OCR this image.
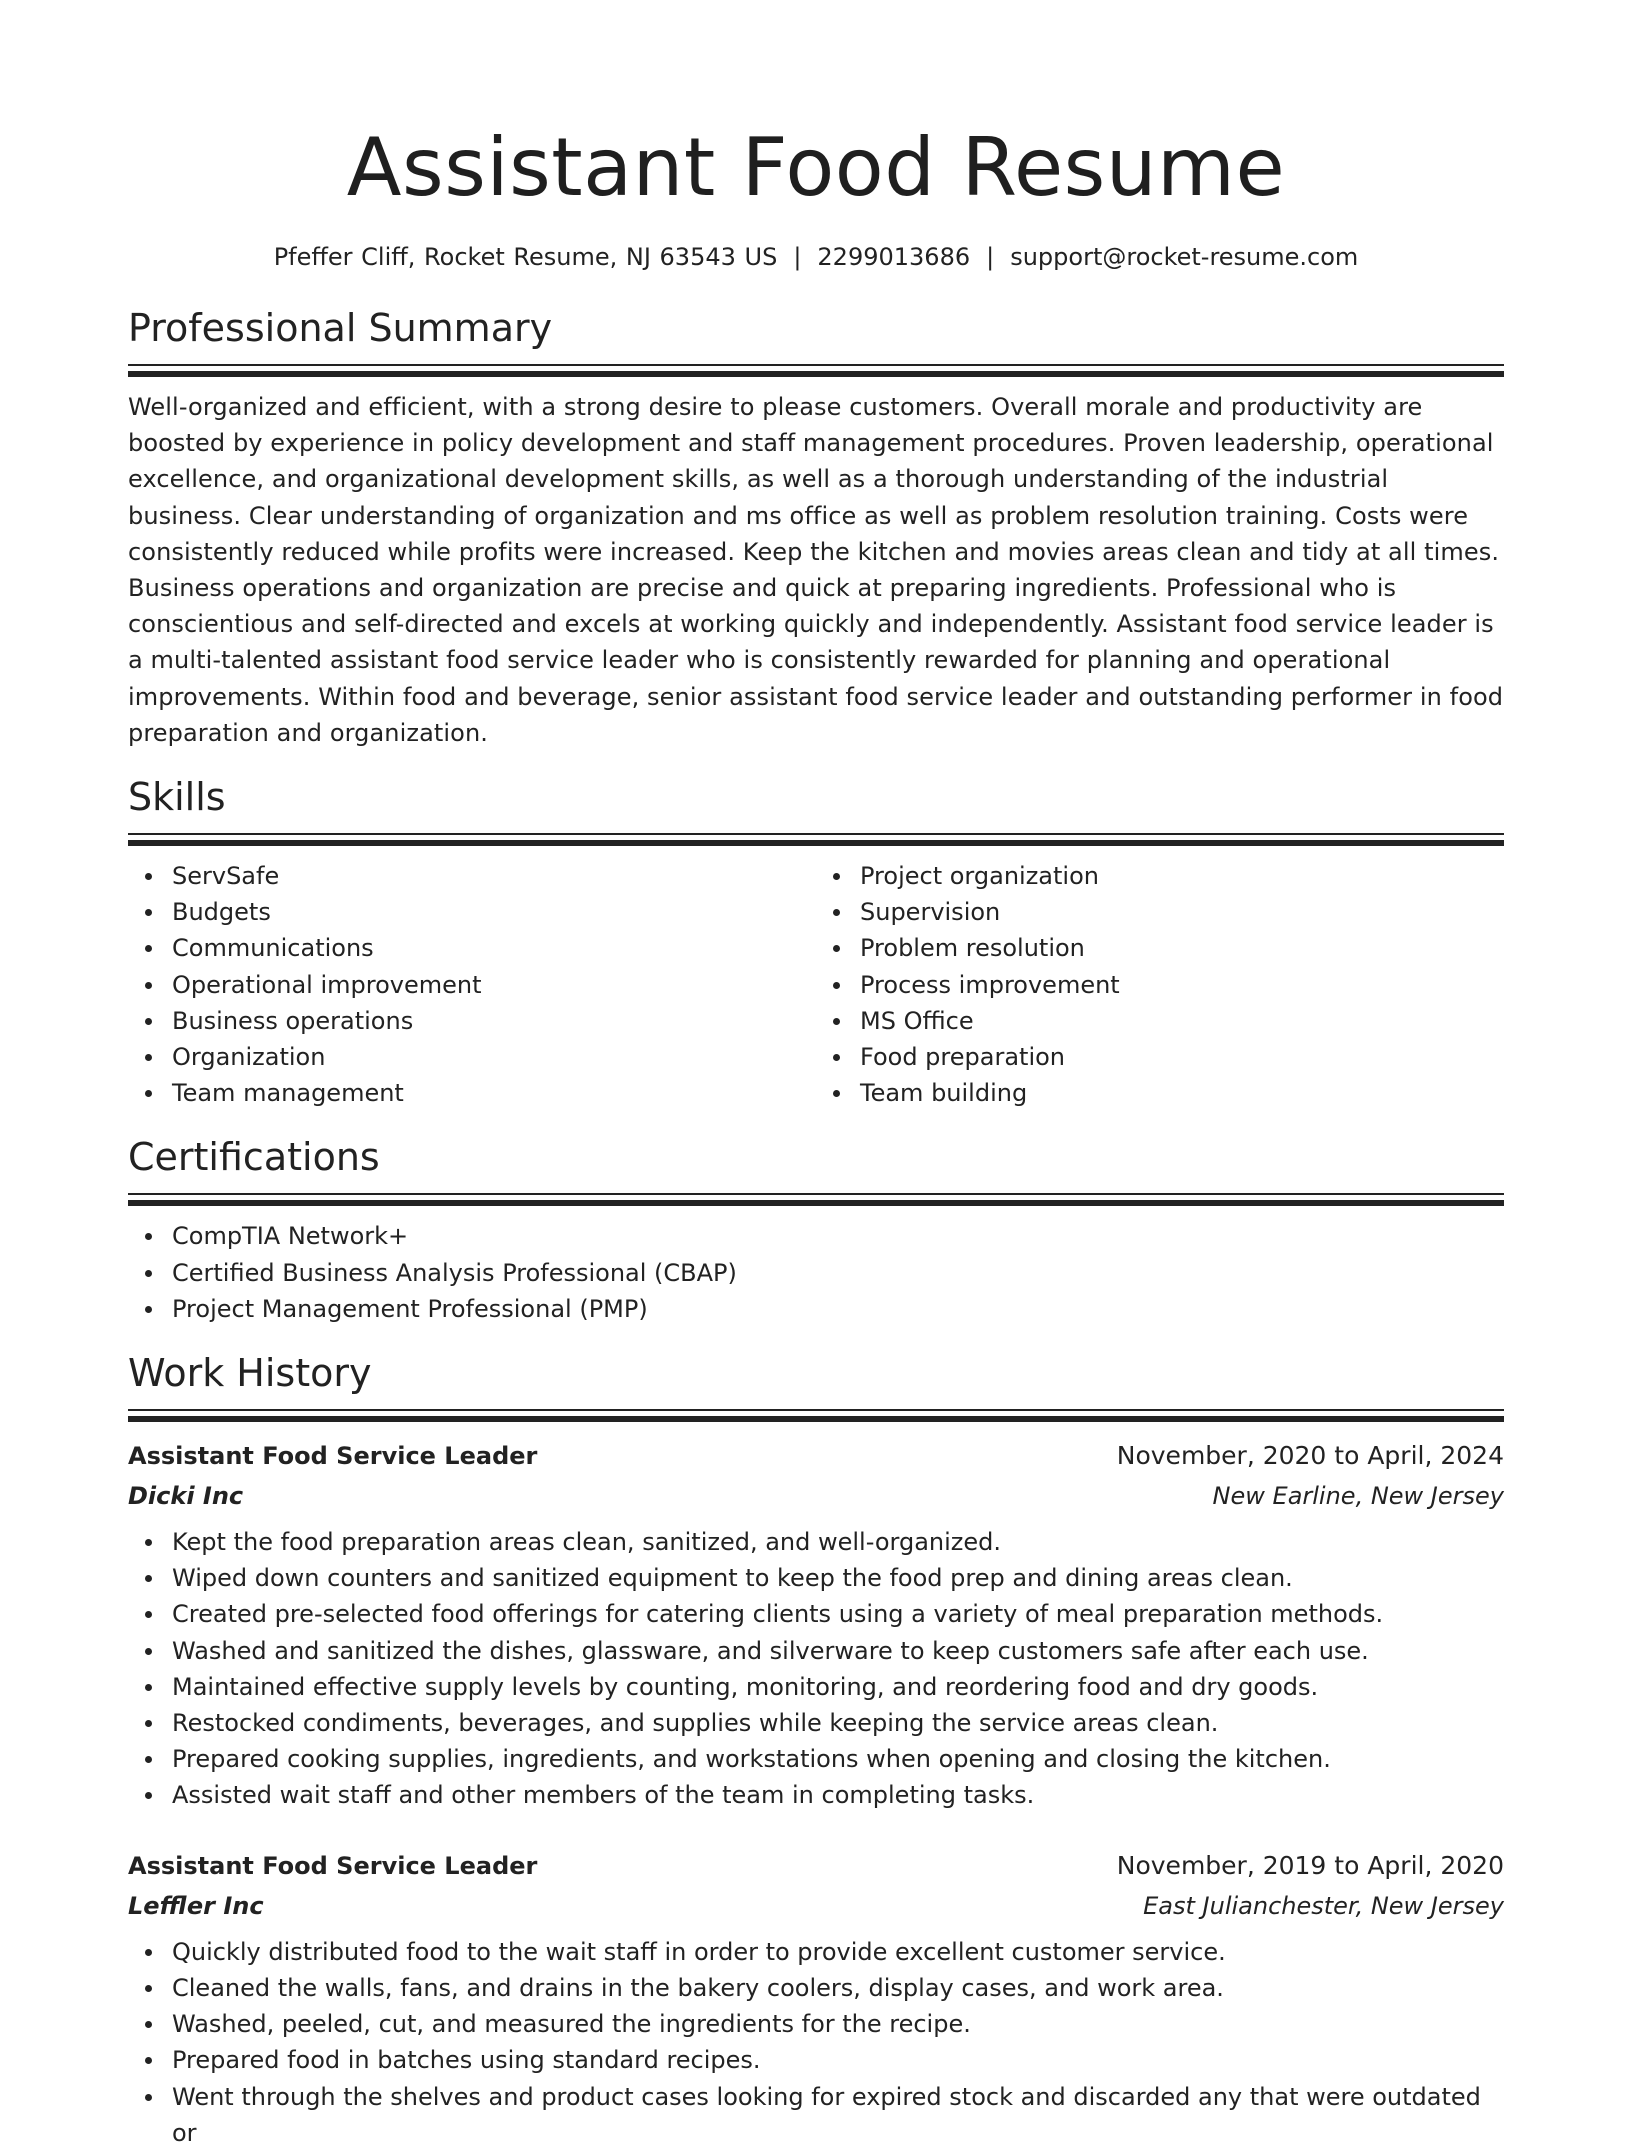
Assistant Food Resume
Pfeffer Cliff, Rocket Resume, NJ 63543 US | 2299013686 | support@rocket-resume.com
Professional Summary

Well-organized and efficient, with a strong desire to please customers. Overall morale and productivity are boosted by experience in policy development and staff management procedures. Proven leadership, operational excellence, and organizational development skills, as well as a thorough understanding of the industrial business. Clear understanding of organization and ms office as well as problem resolution training. Costs were consistently reduced while profits were increased. Keep the kitchen and movies areas clean and tidy at all times. Business operations and organization are precise and quick at preparing ingredients. Professional who is conscientious and self-directed and excels at working quickly and independently. Assistant food service leader is a multi-talented assistant food service leader who is consistently rewarded for planning and operational improvements. Within food and beverage, senior assistant food service leader and outstanding performer in food preparation and organization.

Skills
ServSafe
Budgets
Communications
Operational improvement
Business operations
Organization
Team management
Project organization
Supervision
Problem resolution
Process improvement
MS Office
Food preparation
Team building
Certifications
CompTIA Network+
Certified Business Analysis Professional (CBAP)
Project Management Professional (PMP)
Work History
Assistant Food Service Leader	November, 2020 to April, 2024
Dicki Inc	New Earline, New Jersey
Kept the food preparation areas clean, sanitized, and well-organized.
Wiped down counters and sanitized equipment to keep the food prep and dining areas clean.
Created pre-selected food offerings for catering clients using a variety of meal preparation methods.
Washed and sanitized the dishes, glassware, and silverware to keep customers safe after each use.
Maintained effective supply levels by counting, monitoring, and reordering food and dry goods.
Restocked condiments, beverages, and supplies while keeping the service areas clean.
Prepared cooking supplies, ingredients, and workstations when opening and closing the kitchen.
Assisted wait staff and other members of the team in completing tasks.
Assistant Food Service Leader	November, 2019 to April, 2020
Leffler Inc	East Julianchester, New Jersey
Quickly distributed food to the wait staff in order to provide excellent customer service.
Cleaned the walls, fans, and drains in the bakery coolers, display cases, and work area.
Washed, peeled, cut, and measured the ingredients for the recipe.
Prepared food in batches using standard recipes.
Went through the shelves and product cases looking for expired stock and discarded any that were outdated or
